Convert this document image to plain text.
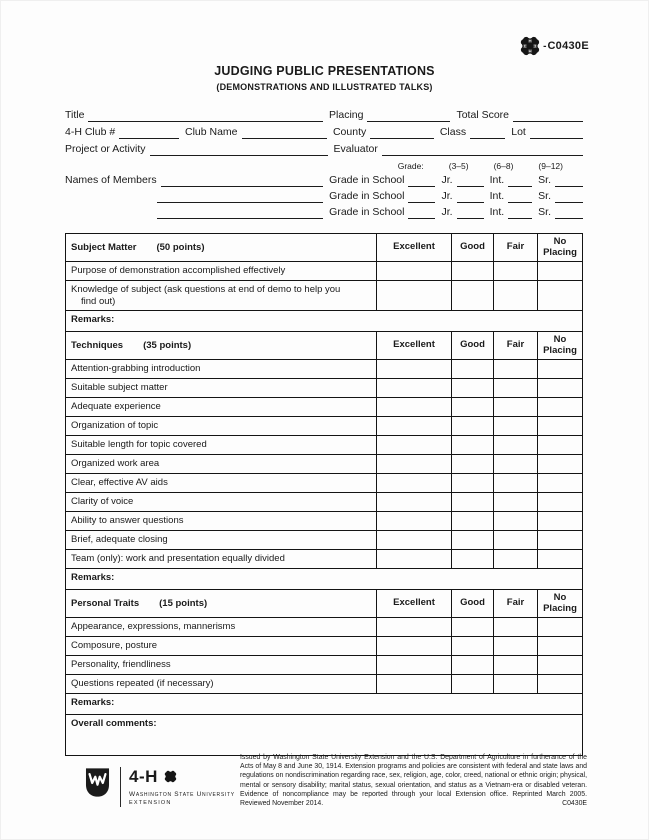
H
H
H
H - C0430E
JUDGING PUBLIC PRESENTATIONS
(DEMONSTRATIONS AND ILLUSTRATED TALKS)
Title	Placing	Total Score
4-H Club #	Club Name	County	Class	Lot
Project or Activity	Evaluator
Grade:	(3–5)	(6–8)	(9–12)
Names of Members	Grade in School	Jr.	Int.	Sr.
Grade in School	Jr.	Int.	Sr.
Grade in School	Jr.	Int.	Sr.
Subject Matter (50 points)	Excellent	Good	Fair	No Placing
Purpose of demonstration accomplished effectively				
Knowledge of subject (ask questions at end of demo to help you find out)				
Remarks:				
Techniques (35 points)	Excellent	Good	Fair	No Placing
Attention-grabbing introduction				
Suitable subject matter				
Adequate experience				
Organization of topic				
Suitable length for topic covered				
Organized work area				
Clear, effective AV aids				
Clarity of voice				
Ability to answer questions				
Brief, adequate closing				
Team (only): work and presentation equally divided				
Remarks:				
Personal Traits (15 points)	Excellent	Good	Fair	No Placing
Appearance, expressions, mannerisms				
Composure, posture				
Personality, friendliness				
Questions repeated (if necessary)				
Remarks:				
Overall comments:				
4-H
Washington State University
EXTENSION
Issued by Washington State University Extension and the U.S. Department of Agriculture in furtherance of the Acts of May 8 and June 30, 1914. Extension programs and policies are consistent with federal and state laws and regulations on nondiscrimination regarding race, sex, religion, age, color, creed, national or ethnic origin; physical, mental or sensory disability; marital status, sexual orientation, and status as a Vietnam-era or disabled veteran. Evidence of noncompliance may be reported through your local Extension office. Reprinted March 2005. Reviewed November 2014.	C0430E
